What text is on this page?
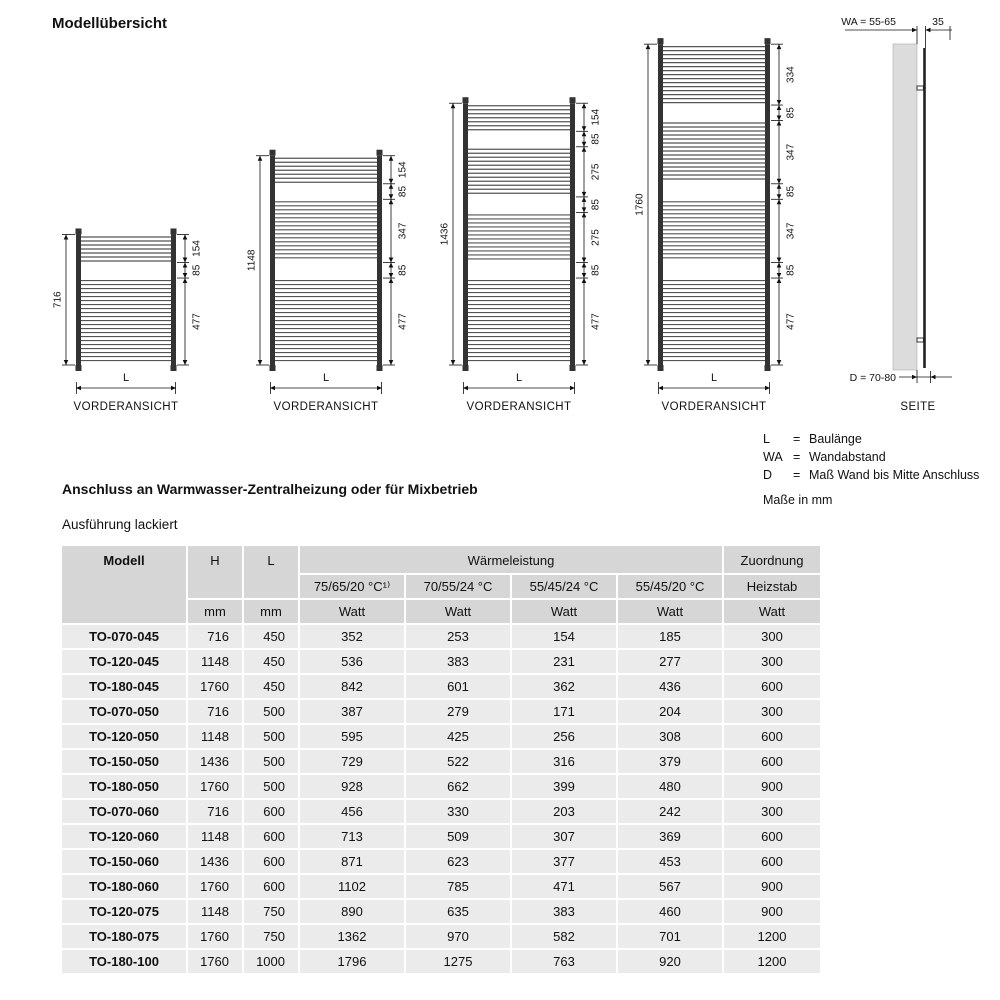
Modellübersicht
154
85
477
716
L
VORDERANSICHT
154
85
347
85
477
1148
L
VORDERANSICHT
154
85
275
85
275
85
477
1436
L
VORDERANSICHT
334
85
347
85
347
85
477
1760
L
VORDERANSICHT
WA = 55-65	35
D = 70-80
SEITE
L	= Baulänge
WA = Wandabstand
D	= Maß Wand bis Mitte Anschluss
Maße in mm
Anschluss an Warmwasser-Zentralheizung oder für Mixbetrieb
Ausführung lackiert
Modell	H	L	Wärmeleistung				Zuordnung
			75/65/20 °C¹⁾	70/55/24 °C	55/45/24 °C	55/45/20 °C	Heizstab
	mm	mm	Watt	Watt	Watt	Watt	Watt
TO-070-045	716	450	352	253	154	185	300
TO-120-045	1148	450	536	383	231	277	300
TO-180-045	1760	450	842	601	362	436	600
TO-070-050	716	500	387	279	171	204	300
TO-120-050	1148	500	595	425	256	308	600
TO-150-050	1436	500	729	522	316	379	600
TO-180-050	1760	500	928	662	399	480	900
TO-070-060	716	600	456	330	203	242	300
TO-120-060	1148	600	713	509	307	369	600
TO-150-060	1436	600	871	623	377	453	600
TO-180-060	1760	600	1102	785	471	567	900
TO-120-075	1148	750	890	635	383	460	900
TO-180-075	1760	750	1362	970	582	701	1200
TO-180-100	1760	1000	1796	1275	763	920	1200
